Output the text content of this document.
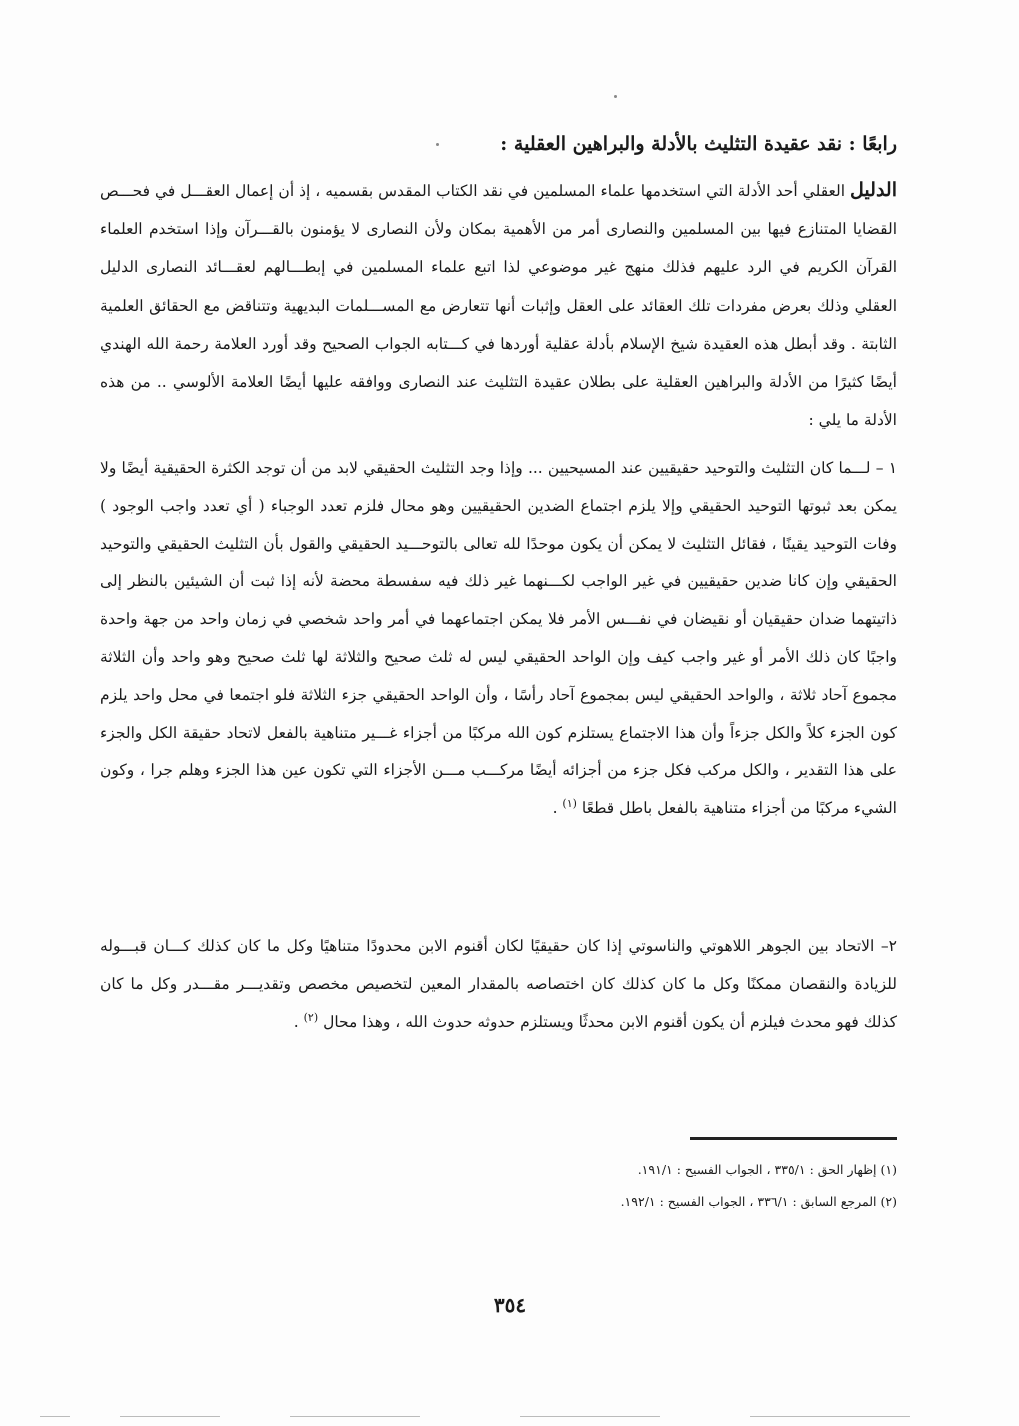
رابعًا : نقد عقيدة التثليث بالأدلة والبراهين العقلية :
الدليل العقلي أحد الأدلة التي استخدمها علماء المسلمين في نقد الكتاب المقدس بقسميه ، إذ أن إعمال العقـــل في فحـــص القضايا المتنازع فيها بين المسلمين والنصارى أمر من الأهمية بمكان ولأن النصارى لا يؤمنون بالقـــرآن وإذا استخدم العلماء القرآن الكريم في الرد عليهم فذلك منهج غير موضوعي لذا اتبع علماء المسلمين في إبطـــالهم لعقـــائد النصارى الدليل العقلي وذلك بعرض مفردات تلك العقائد على العقل وإثبات أنها تتعارض مع المســـلمات البديهية وتتناقض مع الحقائق العلمية الثابتة . وقد أبطل هذه العقيدة شيخ الإسلام بأدلة عقلية أوردها في كـــتابه الجواب الصحيح وقد أورد العلامة رحمة الله الهندي أيضًا كثيرًا من الأدلة والبراهين العقلية على بطلان عقيدة التثليث عند النصارى ووافقه عليها أيضًا العلامة الألوسي .. من هذه الأدلة ما يلي :
١ – لـــما كان التثليث والتوحيد حقيقيين عند المسيحيين ... وإذا وجد التثليث الحقيقي لابد من أن توجد الكثرة الحقيقية أيضًا ولا يمكن بعد ثبوتها التوحيد الحقيقي وإلا يلزم اجتماع الضدين الحقيقيين وهو محال فلزم تعدد الوجباء ( أي تعدد واجب الوجود ) وفات التوحيد يقينًا ، فقائل التثليث لا يمكن أن يكون موحدًا لله تعالى بالتوحـــيد الحقيقي والقول بأن التثليث الحقيقي والتوحيد الحقيقي وإن كانا ضدين حقيقيين في غير الواجب لكـــنهما غير ذلك فيه سفسطة محضة لأنه إذا ثبت أن الشيئين بالنظر إلى ذاتيتهما ضدان حقيقيان أو نقيضان في نفـــس الأمر فلا يمكن اجتماعهما في أمر واحد شخصي في زمان واحد من جهة واحدة واجبًا كان ذلك الأمر أو غير واجب كيف وإن الواحد الحقيقي ليس له ثلث صحيح والثلاثة لها ثلث صحيح وهو واحد وأن الثلاثة مجموع آحاد ثلاثة ، والواحد الحقيقي ليس بمجموع آحاد رأسًا ، وأن الواحد الحقيقي جزء الثلاثة فلو اجتمعا في محل واحد يلزم كون الجزء كلاً والكل جزءاً وأن هذا الاجتماع يستلزم كون الله مركبًا من أجزاء غـــير متناهية بالفعل لاتحاد حقيقة الكل والجزء على هذا التقدير ، والكل مركب فكل جزء من أجزائه أيضًا مركـــب مـــن الأجزاء التي تكون عين هذا الجزء وهلم جرا ، وكون الشيء مركبًا من أجزاء متناهية بالفعل باطل قطعًا $^{(١)}$ .
٢– الاتحاد بين الجوهر اللاهوتي والناسوتي إذا كان حقيقيًا لكان أقنوم الابن محدودًا متناهيًا وكل ما كان كذلك كـــان قبـــوله للزيادة والنقصان ممكنًا وكل ما كان كذلك كان اختصاصه بالمقدار المعين لتخصيص مخصص وتقديـــر مقـــدر وكل ما كان كذلك فهو محدث فيلزم أن يكون أقنوم الابن محدثًا ويستلزم حدوثه حدوث الله ، وهذا محال $^{(٢)}$ .
(١) إظهار الحق : ٣٣٥/١ ، الجواب الفسيح : ١٩١/١.
(٢) المرجع السابق : ٣٣٦/١ ، الجواب الفسيح : ١٩٢/١.
٣٥٤
